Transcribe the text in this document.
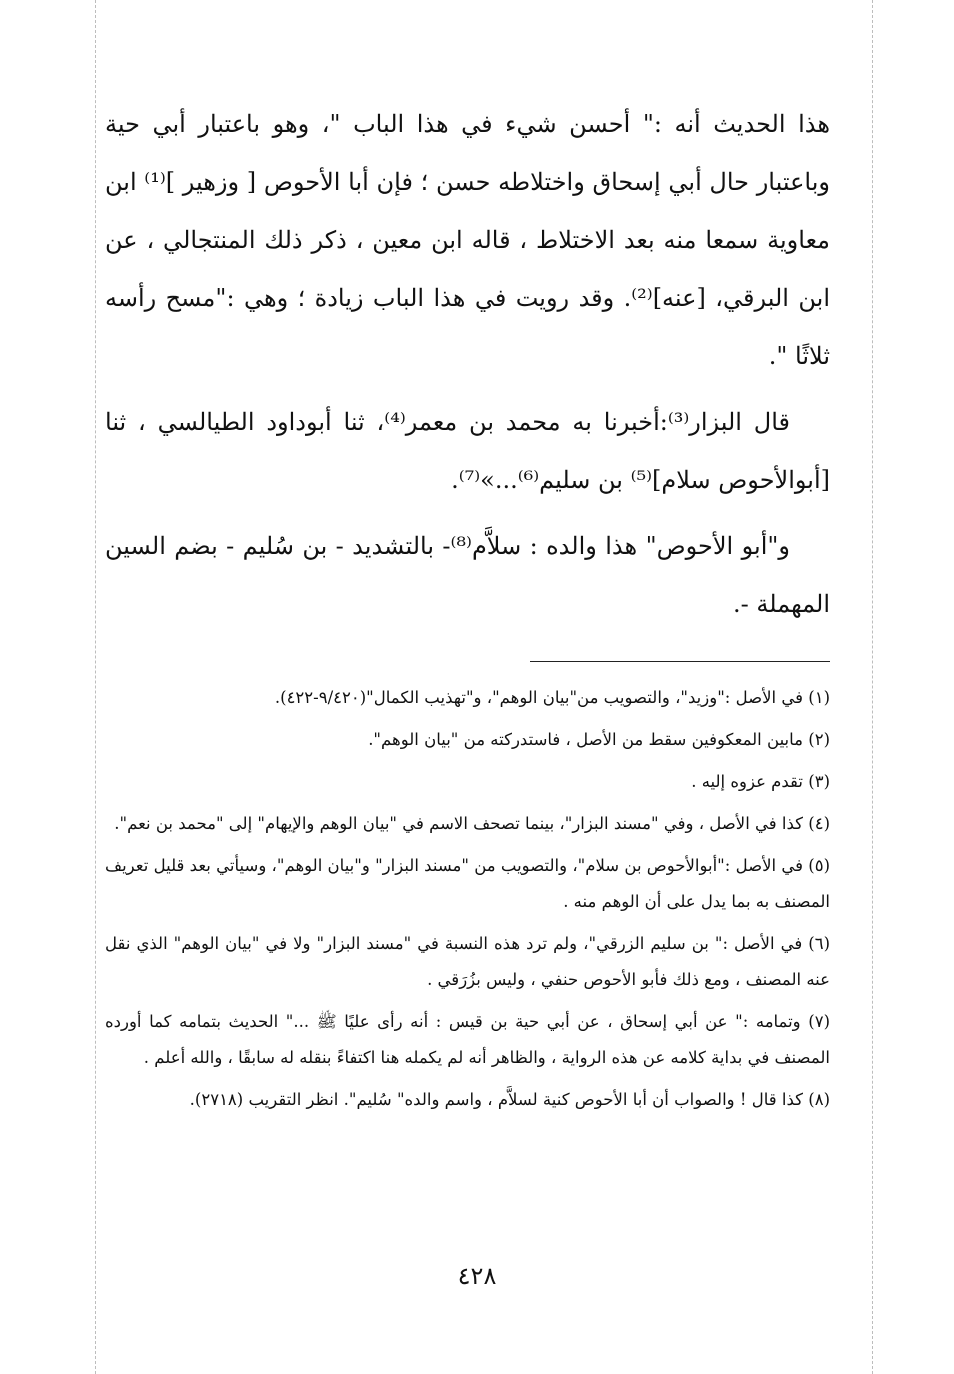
هذا الحديث أنه :" أحسن شيء في هذا الباب "، وهو باعتبار أبي حية وباعتبار حال أبي إسحاق واختلاطه حسن ؛ فإن أبا الأحوص [ وزهير ]⁽¹⁾ ابن معاوية سمعا منه بعد الاختلاط ، قاله ابن معين ، ذكر ذلك المنتجالي ، عن ابن البرقي، [عنه]⁽²⁾. وقد رويت في هذا الباب زيادة ؛ وهي :"مسح رأسه ثلاثًا ".

قال البزار⁽³⁾:أخبرنا به محمد بن معمر⁽⁴⁾، ثنا أبوداود الطيالسي ، ثنا [أبوالأحوص سلام]⁽⁵⁾ بن سليم⁽⁶⁾...»⁽⁷⁾.

و"أبو الأحوص" هذا والده : سلاَّم⁽⁸⁾- بالتشديد - بن سُليم - بضم السين المهملة -.

(١) في الأصل :"وزيد"، والتصويب من"بيان الوهم"، و"تهذيب الكمال"(٩/٤٢٠-٤٢٢).

(٢) مابين المعكوفين سقط من الأصل ، فاستدركته من "بيان الوهم".

(٣) تقدم عزوه إليه .

(٤) كذا في الأصل ، وفي "مسند البزار"، بينما تصحف الاسم في "بيان الوهم والإيهام" إلى "محمد بن نعم".

(٥) في الأصل :"أبوالأحوص بن سلام"، والتصويب من "مسند البزار" و"بيان الوهم"، وسيأتي بعد قليل تعريف المصنف به بما يدل على أن الوهم منه .

(٦) في الأصل :" بن سليم الزرقي"، ولم ترد هذه النسبة في "مسند البزار" ولا في "بيان الوهم" الذي نقل عنه المصنف ، ومع ذلك فأبو الأحوص حنفي ، وليس بزُرَقي .

(٧) وتمامه :" عن أبي إسحاق ، عن أبي حية بن قيس : أنه رأى عليًا ﷺ ..." الحديث بتمامه كما أورده المصنف في بداية كلامه عن هذه الرواية ، والظاهر أنه لم يكمله هنا اكتفاءً بنقله له سابقًا ، والله أعلم .

(٨) كذا قال ! والصواب أن أبا الأحوص كنية لسلاَّم ، واسم والده" سُليم". انظر التقريب (٢٧١٨).

٤٢٨
